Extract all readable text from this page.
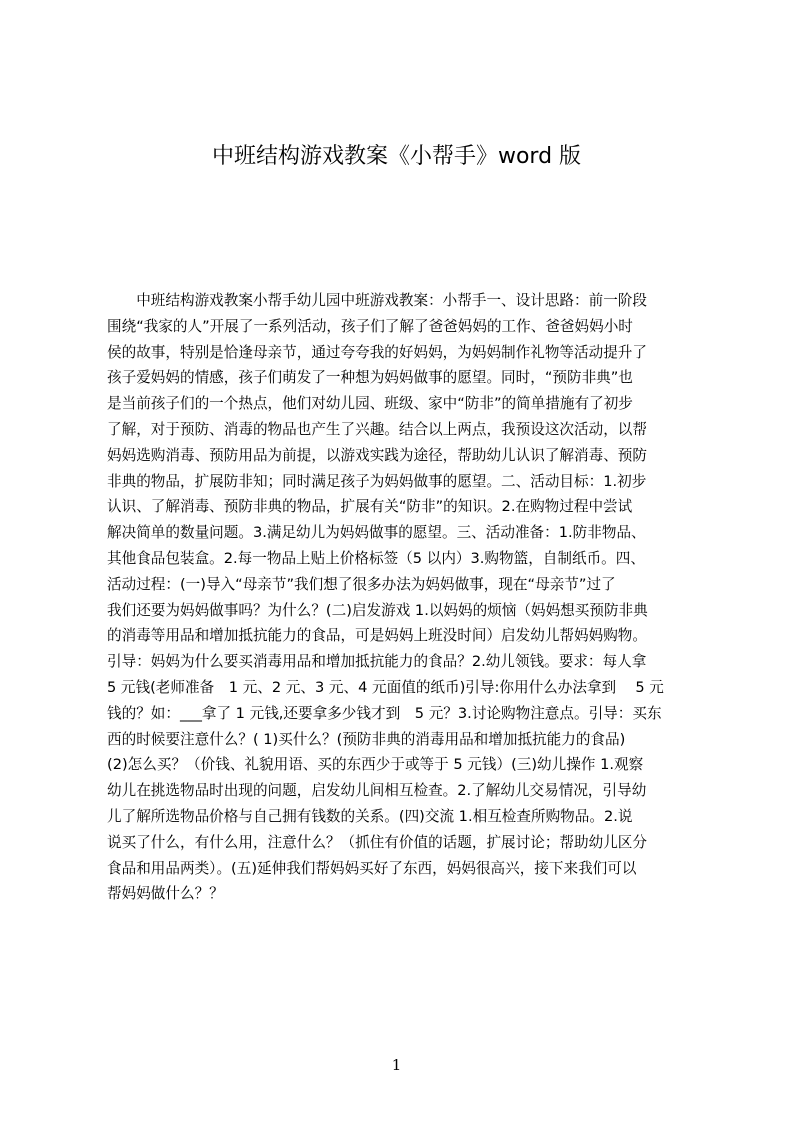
中班结构游戏教案《小帮手》word 版
　　中班结构游戏教案小帮手幼儿园中班游戏教案：小帮手一、设计思路：前一阶段
围绕“我家的人”开展了一系列活动，孩子们了解了爸爸妈妈的工作、爸爸妈妈小时
侯的故事，特别是恰逢母亲节，通过夸夸我的好妈妈，为妈妈制作礼物等活动提升了
孩子爱妈妈的情感，孩子们萌发了一种想为妈妈做事的愿望。同时，“预防非典”也
是当前孩子们的一个热点，他们对幼儿园、班级、家中“防非”的简单措施有了初步
了解，对于预防、消毒的物品也产生了兴趣。结合以上两点，我预设这次活动，以帮
妈妈选购消毒、预防用品为前提，以游戏实践为途径，帮助幼儿认识了解消毒、预防
非典的物品，扩展防非知；同时满足孩子为妈妈做事的愿望。二、活动目标：1.初步
认识、了解消毒、预防非典的物品，扩展有关“防非”的知识。2.在购物过程中尝试
解决简单的数量问题。3.满足幼儿为妈妈做事的愿望。三、活动准备：1.防非物品、
其他食品包装盒。2.每一物品上贴上价格标签（5 以内）3.购物篮，自制纸币。四、
活动过程：(一)导入“母亲节”我们想了很多办法为妈妈做事，现在“母亲节”过了
我们还要为妈妈做事吗？为什么？(二)启发游戏 1.以妈妈的烦恼（妈妈想买预防非典
的消毒等用品和增加抵抗能力的食品，可是妈妈上班没时间）启发幼儿帮妈妈购物。
引导：妈妈为什么要买消毒用品和增加抵抗能力的食品？2.幼儿领钱。要求：每人拿
5 元钱(老师准备　1 元、2 元、3 元、4 元面值的纸币)引导:你用什么办法拿到　 5 元
钱的？如：___拿了 1 元钱,还要拿多少钱才到　5 元？3.讨论购物注意点。引导：买东
西的时候要注意什么？( 1)买什么？(预防非典的消毒用品和增加抵抗能力的食品)
(2)怎么买？（价钱、礼貌用语、买的东西少于或等于 5 元钱）(三)幼儿操作 1.观察
幼儿在挑选物品时出现的问题，启发幼儿间相互检查。2.了解幼儿交易情况，引导幼
儿了解所选物品价格与自己拥有钱数的关系。(四)交流 1.相互检查所购物品。2.说
说买了什么，有什么用，注意什么？（抓住有价值的话题，扩展讨论；帮助幼儿区分
食品和用品两类）。(五)延伸我们帮妈妈买好了东西，妈妈很高兴，接下来我们可以
帮妈妈做什么？？
1
